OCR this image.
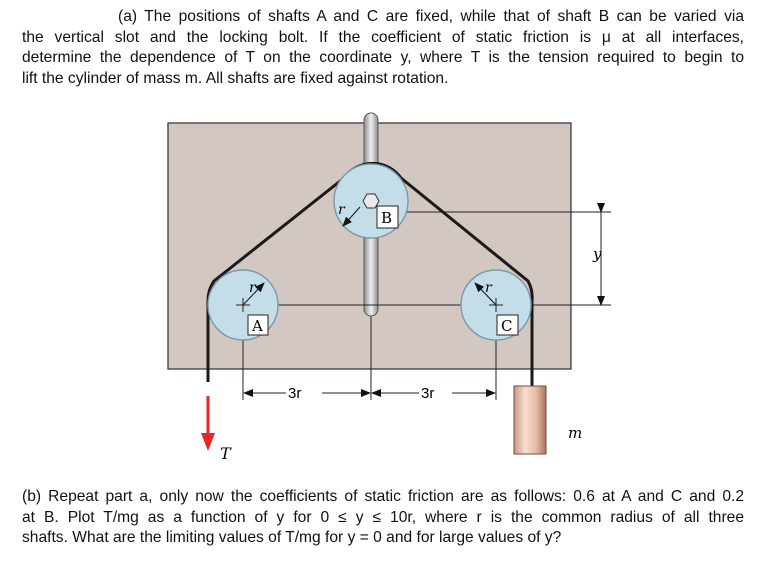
(a) The positions of shafts A and C are fixed, while that of shaft B can be varied via
the vertical slot and the locking bolt. If the coefficient of static friction is μ at all interfaces,
determine the dependence of T on the coordinate y, where T is the tension required to begin to
lift the cylinder of mass m. All shafts are fixed against rotation.

y
3r	3r
r
A
r
C
r B
T
m

(b) Repeat part a, only now the coefficients of static friction are as follows: 0.6 at A and C and 0.2
at B. Plot T/mg as a function of y for 0 ≤ y ≤ 10r, where r is the common radius of all three
shafts. What are the limiting values of T/mg for y = 0 and for large values of y?
